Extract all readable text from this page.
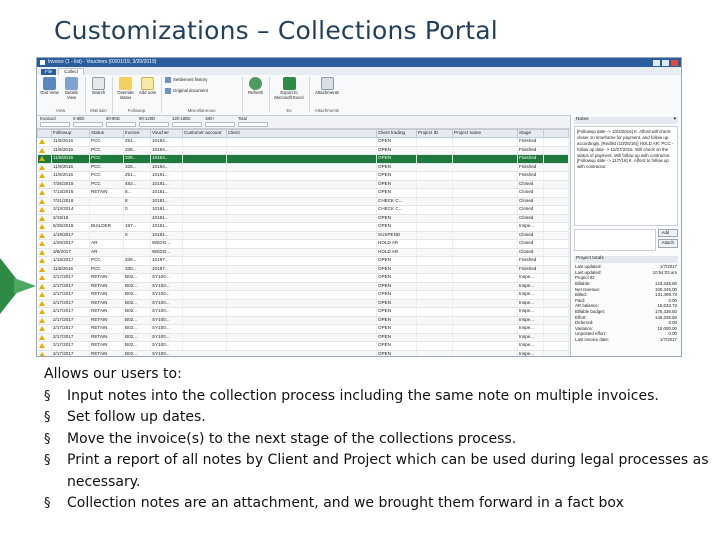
Customizations – Collections Portal
Invoice (1 - list) - Vouchers (03/01/19, 3/20/2019)
File	Collect
Grid View	Details View
View
Search
Maintain
Override status
Add note
Followup
Settlement history
Original document
Miscellaneous
Refresh	Export to Microsoft Excel
Ex
Attachments
Attachments
Invoiced	0-60D	60-90D	90-120D	120-180D	180+	Total
	Followup	Status	Invoice	Voucher	Customer account	Client	Client trading	Project ID	Project name	Stage	
	11/9/2016	PCC	254...	10184...			OPEN			Finished	
	11/9/2016	PCC	338...	10184...			OPEN			Finished	
	11/9/2016	PCC	339...	10184...			OPEN			Finished	
	11/9/2016	PCC	325...	10184...			OPEN			Finished	
	11/9/2016	PCC	251...	10181...			OPEN			Finished	
	7/25/2016	PCC	482...	10181...			OPEN			Closed	
	7/13/2016	RETAIN	8...	10181...			OPEN			Closed	
	7/21/2016		8	10181...			CHECK C...			Closed	
	2/13/2014		0	10181...			CHECK C...			Closed	
	2/19/15			10181...			OPEN			Closed	
	8/29/2016	BUILDER	187...	10181...			OPEN			Inspe...	
	1/19/2017		0	10181...			SUSPEND			Closed	
	1/28/2017	AR		WEDO...			HOLD AR			Closed	
	3/8/2017	AR		WEDO...			HOLD AR			Closed	
	1/19/2017	PCC	339...	10187...			OPEN			Finished	
	11/8/2016	PCC	330...	10187...			OPEN			Finished	
	2/17/2017	RETAIN	B02...	SY100...			OPEN			Inspe...	
	2/17/2017	RETAIN	B02...	SY100...			OPEN			Inspe...	
	2/17/2017	RETAIN	B02...	SY100...			OPEN			Inspe...	
	2/17/2017	RETAIN	B02...	SY100...			OPEN			Inspe...	
	2/17/2017	RETAIN	B02...	SY100...			OPEN			Inspe...	
	2/17/2017	RETAIN	B02...	SY100...			OPEN			Inspe...	
	2/17/2017	RETAIN	B02...	SY100...			OPEN			Inspe...	
	2/17/2017	RETAIN	B02...	SY100...			OPEN			Inspe...	
	2/17/2017	RETAIN	B02...	SY100...			OPEN			Inspe...	
	2/17/2017	RETAIN	B02...	SY100...			OPEN			Inspe...	
Notes	▾
[Followup date -> 10/3/2016] K. Alford will check closer on timeframe for payment, and follow up accordingly. [Redlist (10/25/16)] HOLD AR: PCC - follow up date -> 10/27/2016. Will check on the status of payment. Will follow up with contractor. [Followup date -> 11/7/16] K. Alford to follow up with contractor.
Add
Attach
Project totals
Last updated:	1/7/2017
Last updated:	10:54:03 am
Project ID:	
Billable:	123,336.50
Net revenue:	100,345.00
Billed:	131,499.73
Paid:	0.00
AR balance:	15,632.73
Billable budget:	175,336.50
Effort:	145,336.50
Deferred:	0.00
Variance:	15,000.00
Unposted effort:	0.00
Last invoice date:	1/7/2017
Allows our users to:
§	Input notes into the collection process including the same note on multiple invoices.
§	Set follow up dates.
§	Move the invoice(s) to the next stage of the collections process.
§	Print a report of all notes by Client and Project which can be used during legal processes as necessary.
§	Collection notes are an attachment, and we brought them forward in a fact box
